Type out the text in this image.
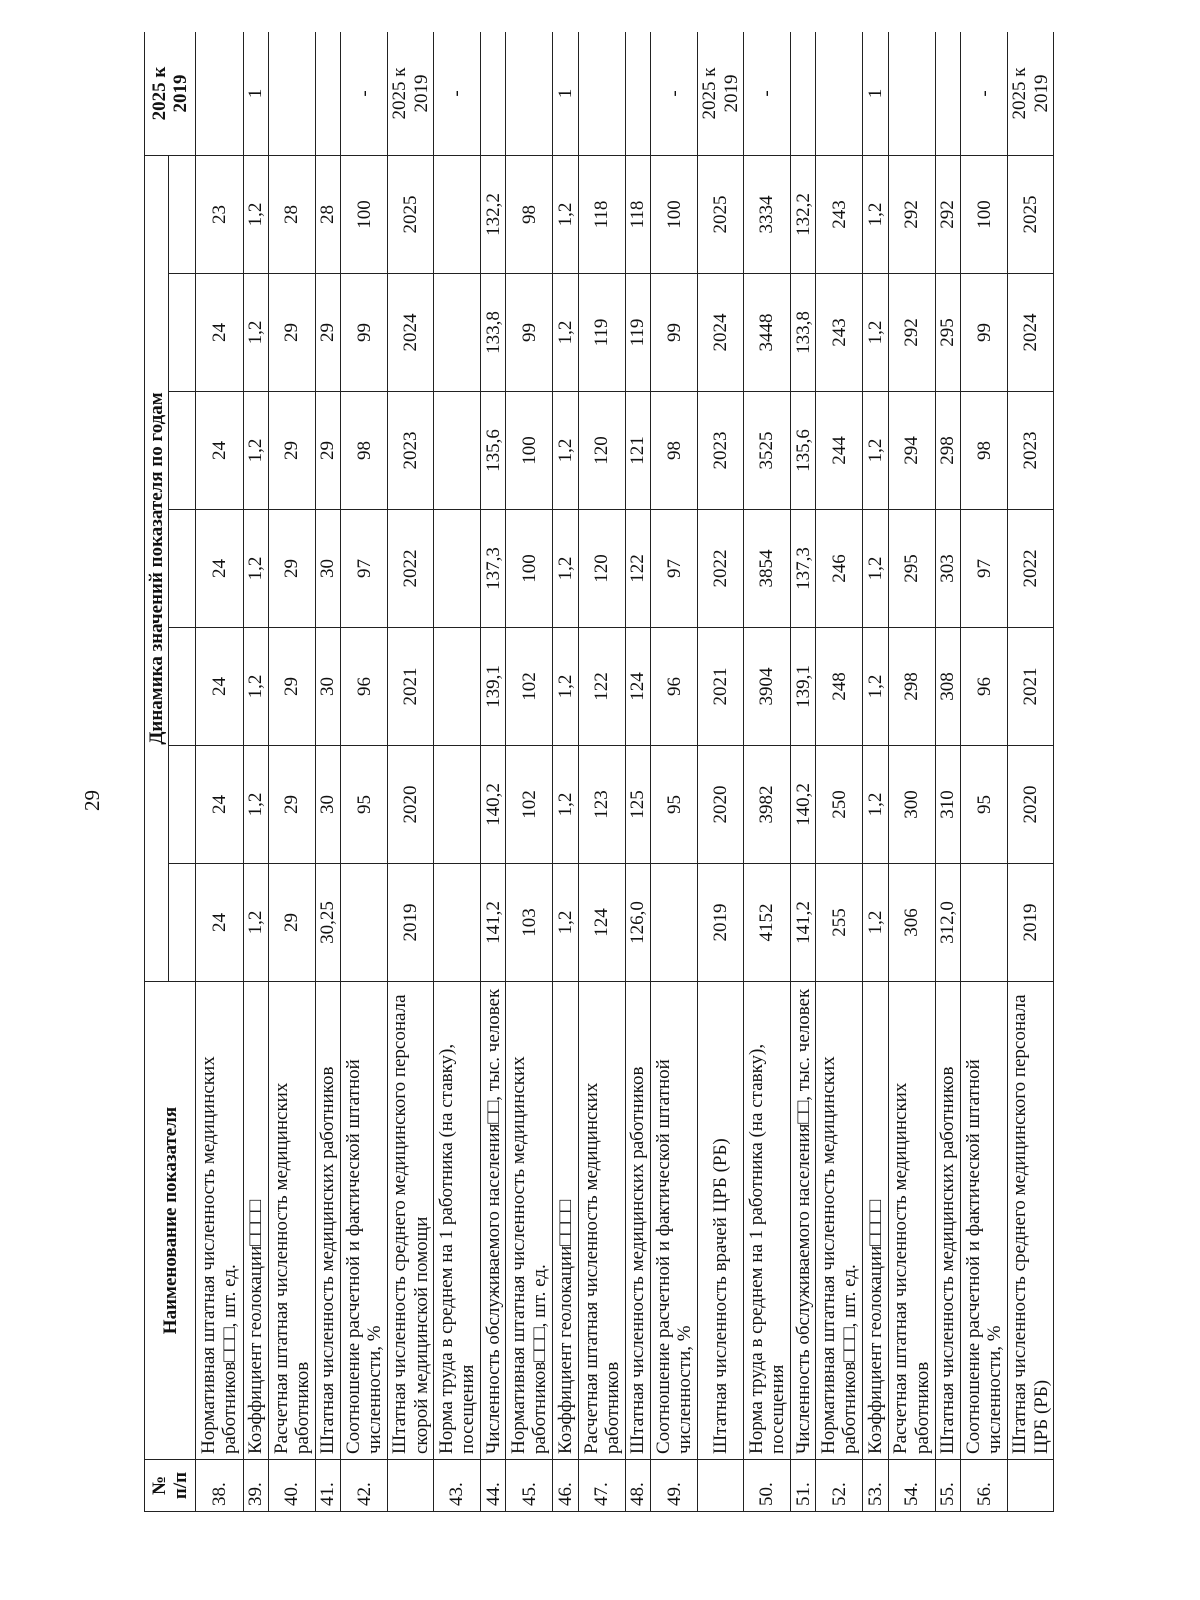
29
№
п/п	Наименование показателя	Динамика значений показателя по годам							2025 к
2019

38.	Нормативная штатная численность медицинских работников□□□, шт. ед.	24	24	24	24	24	24	23	
39.	Коэффициент геолокации□□□□	1,2	1,2	1,2	1,2	1,2	1,2	1,2	1
40.	Расчетная штатная численность медицинских работников	29	29	29	29	29	29	28	
41.	Штатная численность медицинских работников	30,25	30	30	30	29	29	28	
42.	Соотношение расчетной и фактической штатной численности, %		95	96	97	98	99	100	-
	Штатная численность среднего медицинского персонала скорой медицинской помощи	2019	2020	2021	2022	2023	2024	2025	2025 к
2019
43.	Норма труда в среднем на 1 работника (на ставку), посещения								-
44.	Численность обслуживаемого населения□□, тыс. человек	141,2	140,2	139,1	137,3	135,6	133,8	132,2	
45.	Нормативная штатная численность медицинских работников□□□, шт. ед.	103	102	102	100	100	99	98	
46.	Коэффициент геолокации□□□□	1,2	1,2	1,2	1,2	1,2	1,2	1,2	1
47.	Расчетная штатная численность медицинских работников	124	123	122	120	120	119	118	
48.	Штатная численность медицинских работников	126,0	125	124	122	121	119	118	
49.	Соотношение расчетной и фактической штатной численности, %		95	96	97	98	99	100	-
	Штатная численность врачей ЦРБ (РБ)	2019	2020	2021	2022	2023	2024	2025	2025 к
2019
50.	Норма труда в среднем на 1 работника (на ставку), посещения	4152	3982	3904	3854	3525	3448	3334	-
51.	Численность обслуживаемого населения□□, тыс. человек	141,2	140,2	139,1	137,3	135,6	133,8	132,2	
52.	Нормативная штатная численность медицинских работников□□□, шт. ед.	255	250	248	246	244	243	243	
53.	Коэффициент геолокации□□□□	1,2	1,2	1,2	1,2	1,2	1,2	1,2	1
54.	Расчетная штатная численность медицинских работников	306	300	298	295	294	292	292	
55.	Штатная численность медицинских работников	312,0	310	308	303	298	295	292	
56.	Соотношение расчетной и фактической штатной численности, %		95	96	97	98	99	100	-
	Штатная численность среднего медицинского персонала ЦРБ (РБ)	2019	2020	2021	2022	2023	2024	2025	2025 к
2019
